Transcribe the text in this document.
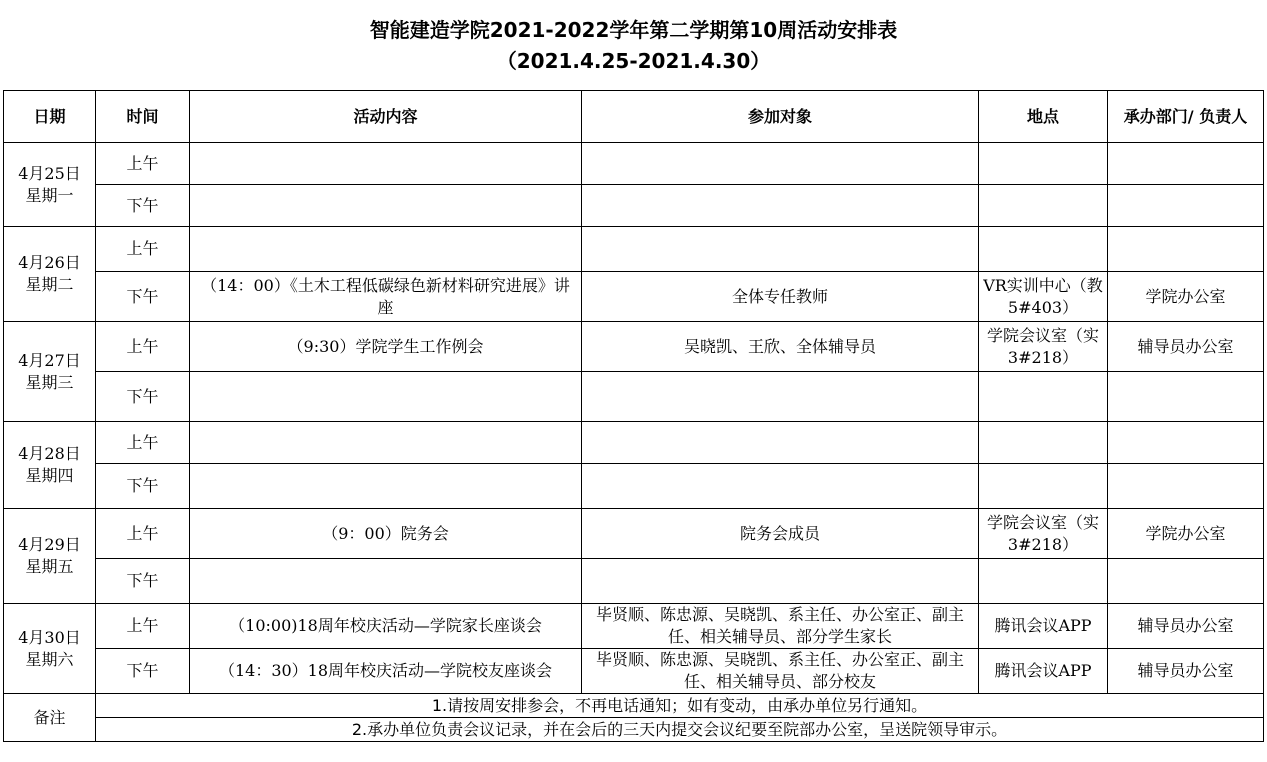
智能建造学院2021-2022学年第二学期第10周活动安排表
（2021.4.25-2021.4.30）
日期	时间	活动内容	参加对象	地点	承办部门/ 负责人

4月25日
星期一	上午				
	下午				

4月26日
星期二	上午				
	下午	（14：00）《土木工程低碳绿色新材料研究进展》讲座	全体专任教师	VR实训中心（教5#403）	学院办公室

4月27日
星期三	上午	（9:30）学院学生工作例会	吴晓凯、王欣、全体辅导员	学院会议室（实3#218）	辅导员办公室
	下午				

4月28日
星期四	上午				
	下午				

4月29日
星期五	上午	（9：00）院务会	院务会成员	学院会议室（实3#218）	学院办公室
	下午				

4月30日
星期六	上午	（10:00)18周年校庆活动—学院家长座谈会	毕贤顺、陈忠源、吴晓凯、系主任、办公室正、副主任、相关辅导员、部分学生家长	腾讯会议APP	辅导员办公室
	下午	（14：30）18周年校庆活动—学院校友座谈会	毕贤顺、陈忠源、吴晓凯、系主任、办公室正、副主任、相关辅导员、部分校友	腾讯会议APP	辅导员办公室
备注	1.请按周安排参会，不再电话通知；如有变动，由承办单位另行通知。				
	2.承办单位负责会议记录，并在会后的三天内提交会议纪要至院部办公室，呈送院领导审示。				
